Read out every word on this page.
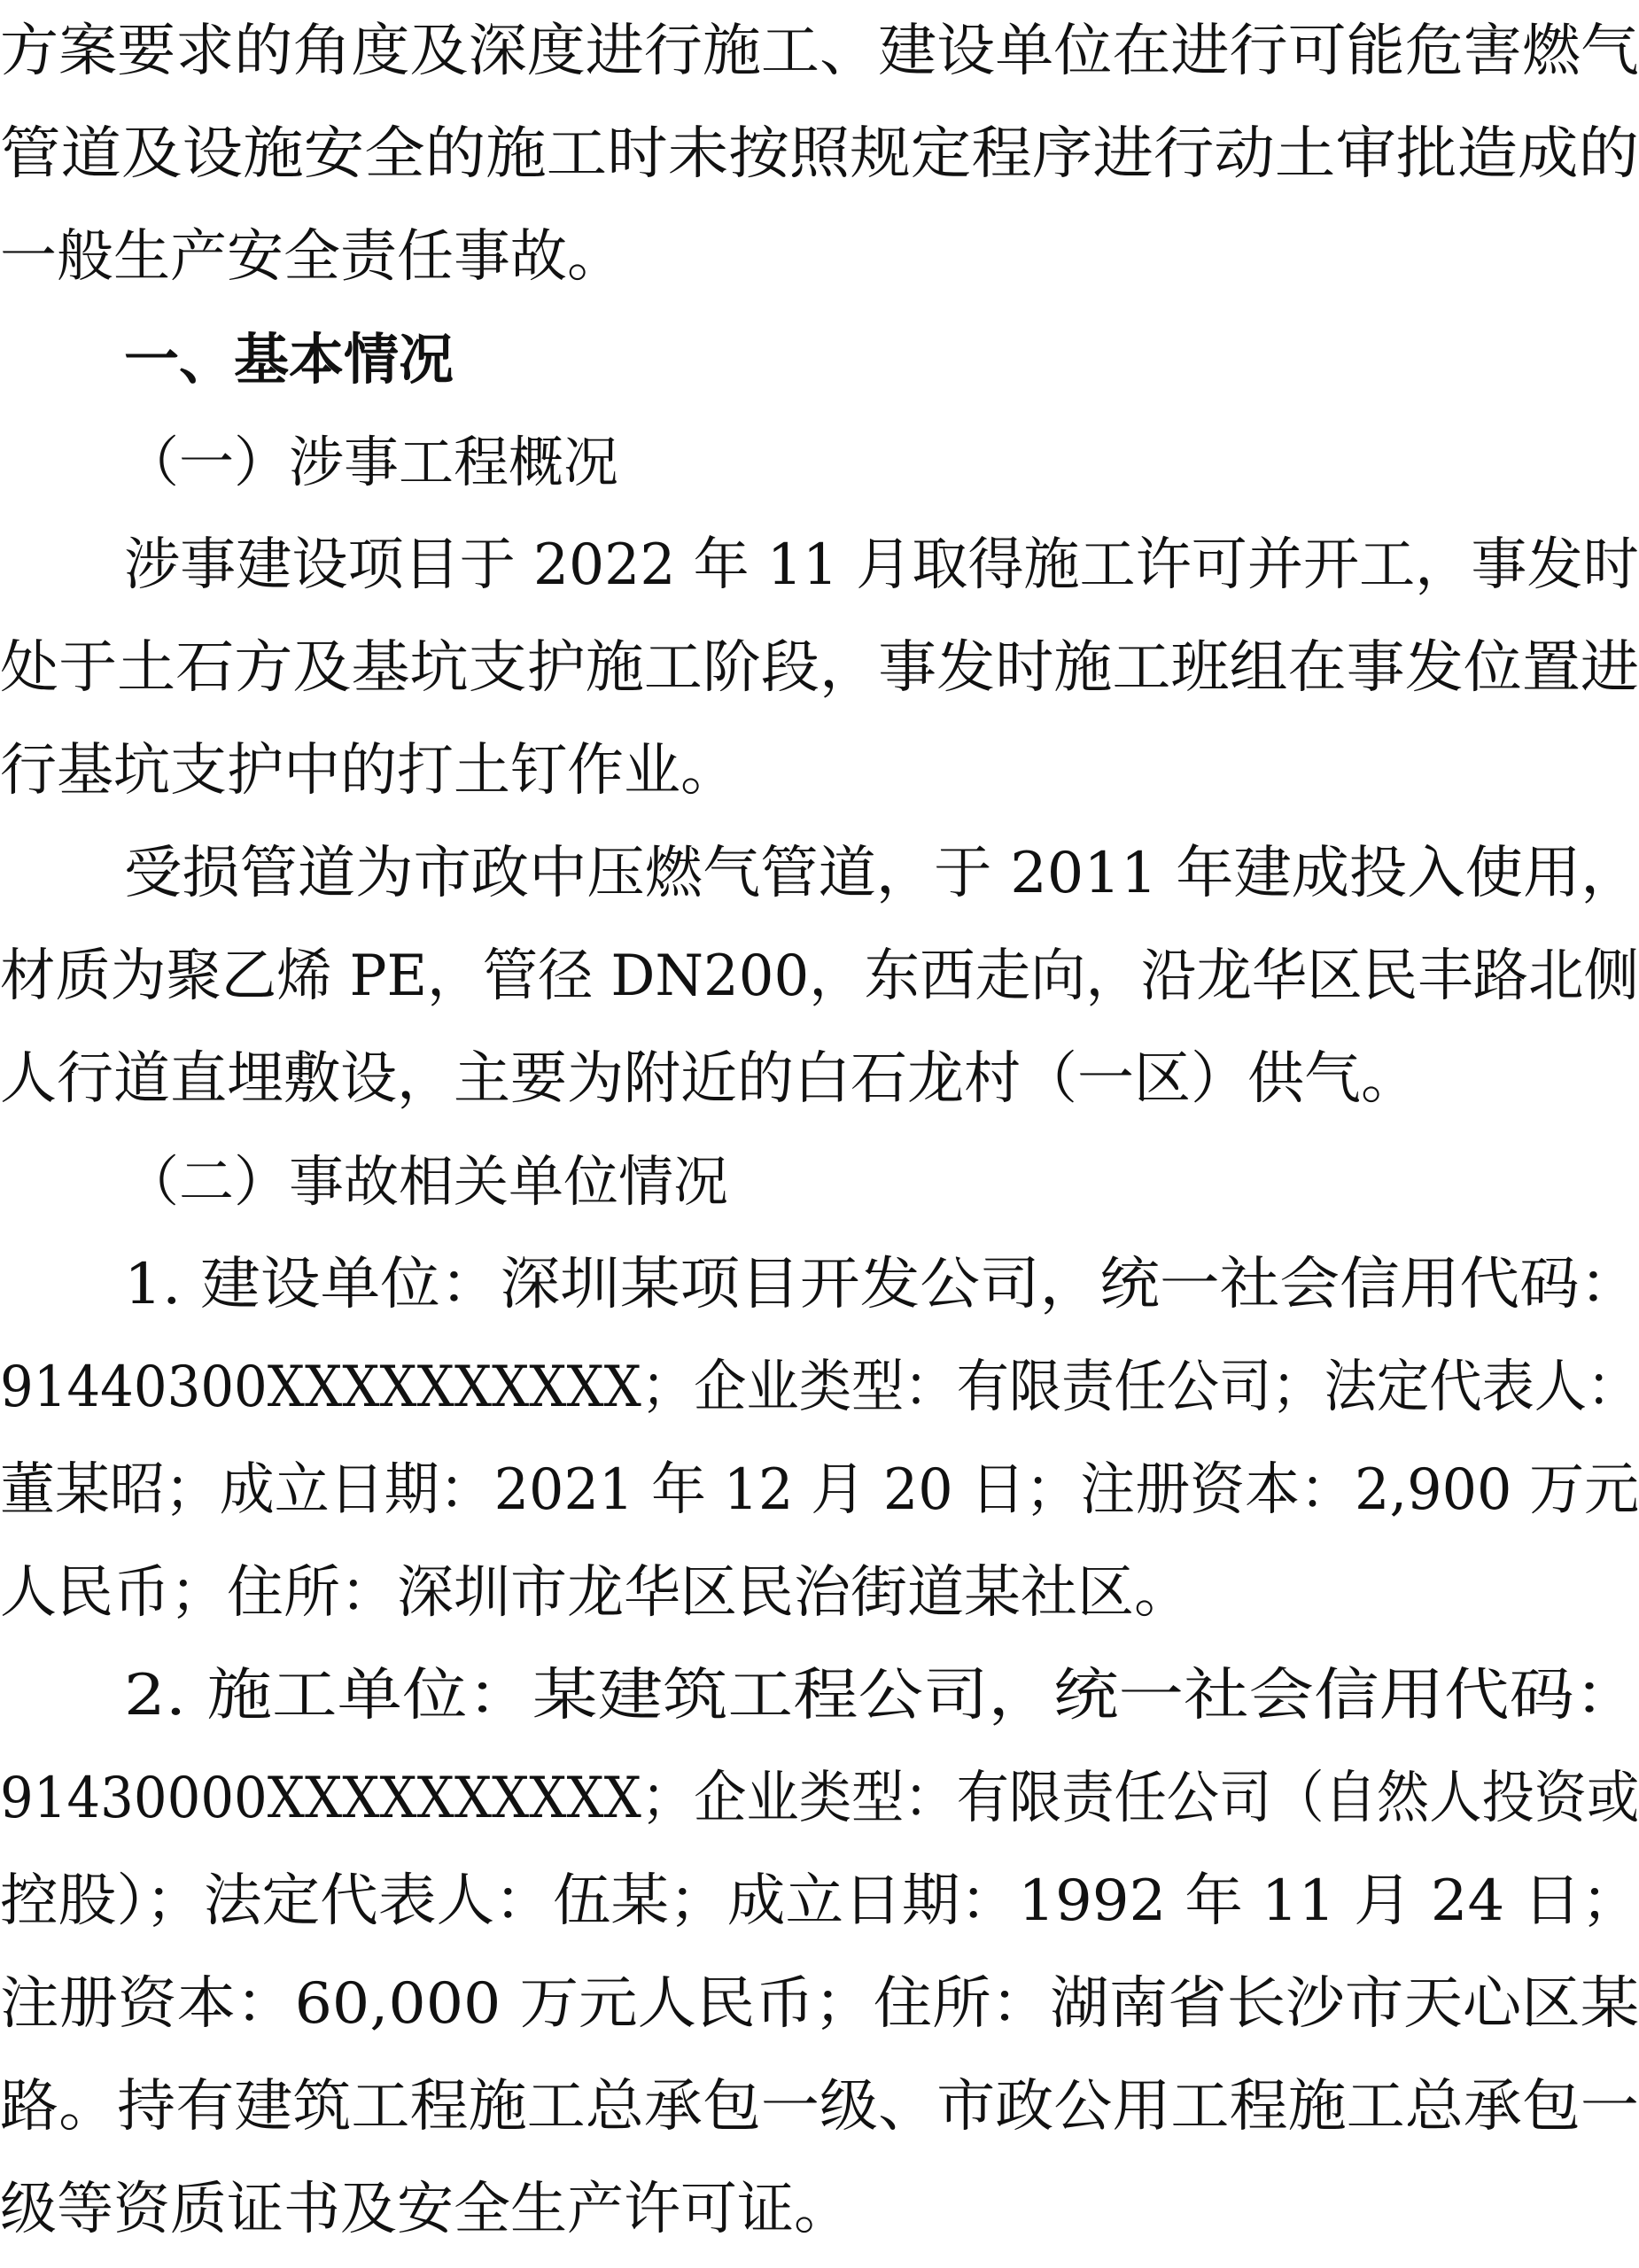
方案要求的角度及深度进行施工、建设单位在进行可能危害燃气
管道及设施安全的施工时未按照规定程序进行动土审批造成的
一般生产安全责任事故。
一、基本情况
（一）涉事工程概况
涉事建设项目于 2022 年 11 月取得施工许可并开工，事发时
处于土石方及基坑支护施工阶段，事发时施工班组在事发位置进
行基坑支护中的打土钉作业。
受损管道为市政中压燃气管道，于 2011 年建成投入使用，
材质为聚乙烯 PE，管径 DN200，东西走向，沿龙华区民丰路北侧
人行道直埋敷设，主要为附近的白石龙村（一区）供气。
（二）事故相关单位情况
1. 建设单位：深圳某项目开发公司，统一社会信用代码：
91440300XXXXXXXXXX；企业类型：有限责任公司；法定代表人：
董某昭；成立日期：2021 年 12 月 20 日；注册资本：2,900 万元
人民币；住所：深圳市龙华区民治街道某社区。
2. 施工单位：某建筑工程公司，统一社会信用代码：
91430000XXXXXXXXXX；企业类型：有限责任公司（自然人投资或
控股）；法定代表人：伍某；成立日期：1992 年 11 月 24 日；
注册资本：60,000 万元人民币；住所：湖南省长沙市天心区某
路。持有建筑工程施工总承包一级、市政公用工程施工总承包一
级等资质证书及安全生产许可证。
